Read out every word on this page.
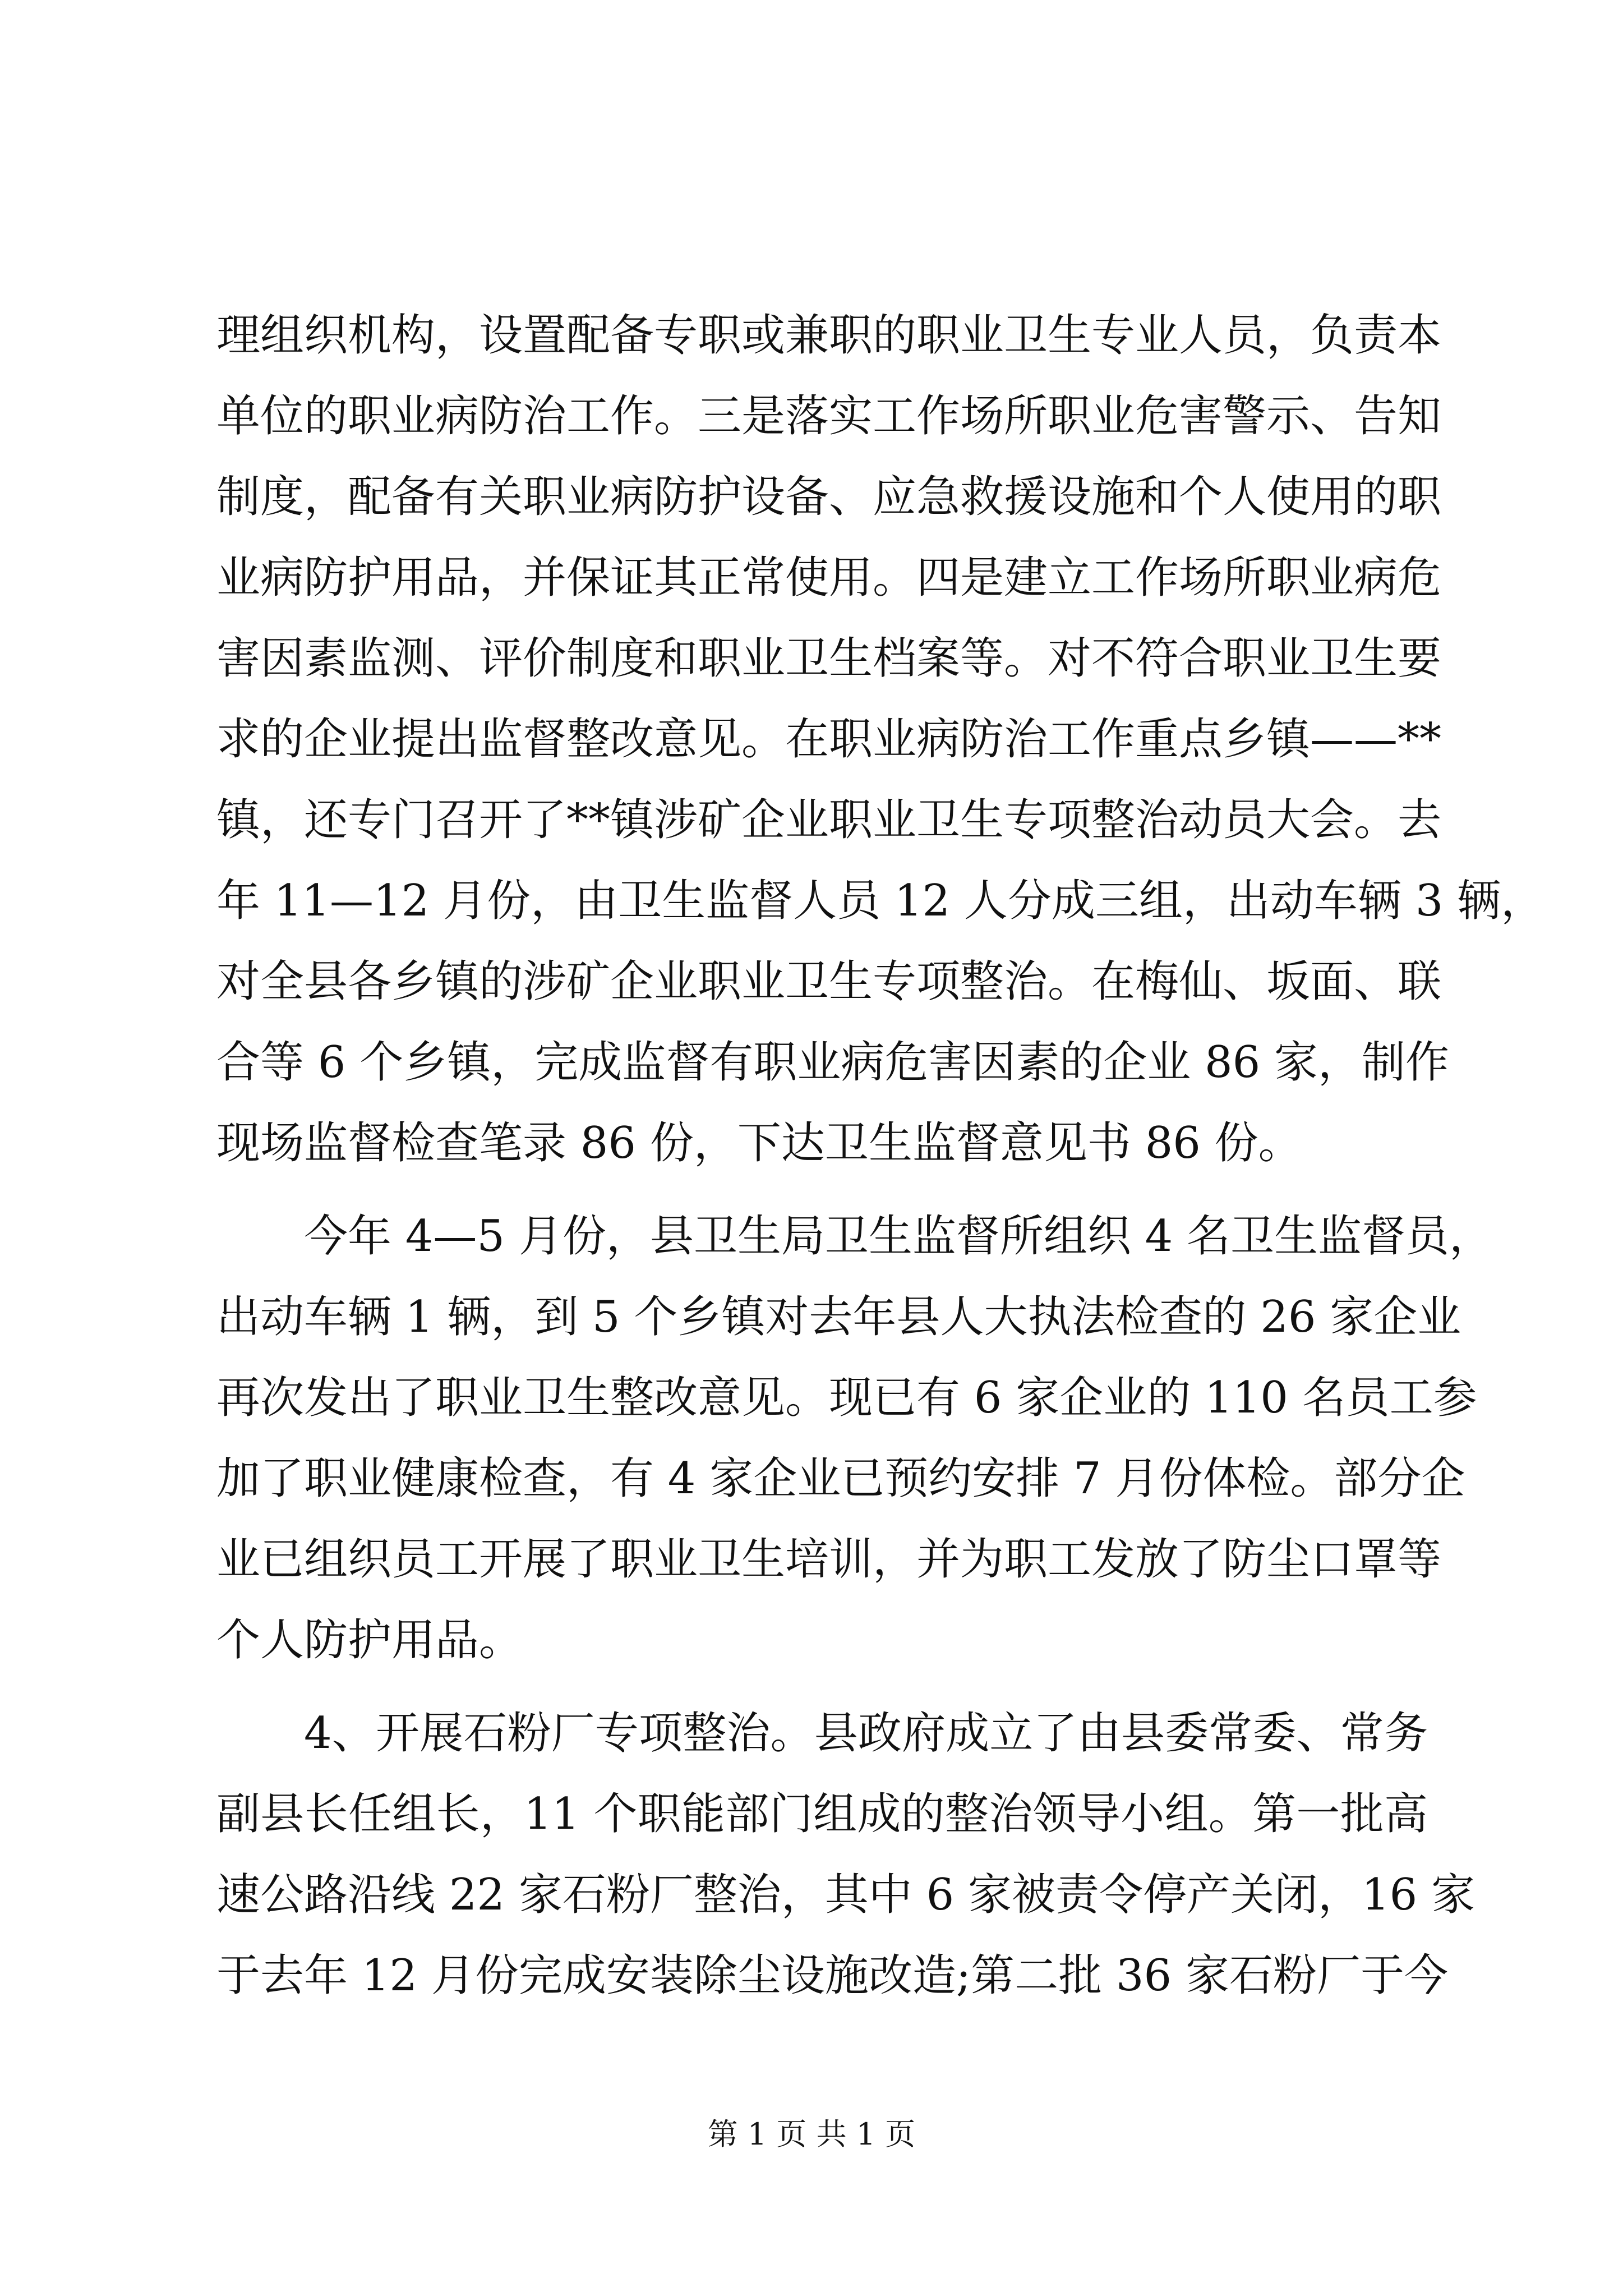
理组织机构，设置配备专职或兼职的职业卫生专业人员，负责本
单位的职业病防治工作。三是落实工作场所职业危害警示、告知
制度，配备有关职业病防护设备、应急救援设施和个人使用的职
业病防护用品，并保证其正常使用。四是建立工作场所职业病危
害因素监测、评价制度和职业卫生档案等。对不符合职业卫生要
求的企业提出监督整改意见。在职业病防治工作重点乡镇——**
镇，还专门召开了**镇涉矿企业职业卫生专项整治动员大会。去
年 11—12 月份，由卫生监督人员 12 人分成三组，出动车辆 3 辆，
对全县各乡镇的涉矿企业职业卫生专项整治。在梅仙、坂面、联
合等 6 个乡镇，完成监督有职业病危害因素的企业 86 家，制作
现场监督检查笔录 86 份，下达卫生监督意见书 86 份。
今年 4—5 月份，县卫生局卫生监督所组织 4 名卫生监督员，
出动车辆 1 辆，到 5 个乡镇对去年县人大执法检查的 26 家企业
再次发出了职业卫生整改意见。现已有 6 家企业的 110 名员工参
加了职业健康检查，有 4 家企业已预约安排 7 月份体检。部分企
业已组织员工开展了职业卫生培训，并为职工发放了防尘口罩等
个人防护用品。
4、开展石粉厂专项整治。县政府成立了由县委常委、常务
副县长任组长，11 个职能部门组成的整治领导小组。第一批高
速公路沿线 22 家石粉厂整治，其中 6 家被责令停产关闭，16 家
于去年 12 月份完成安装除尘设施改造;第二批 36 家石粉厂于今
第 1 页 共 1 页
